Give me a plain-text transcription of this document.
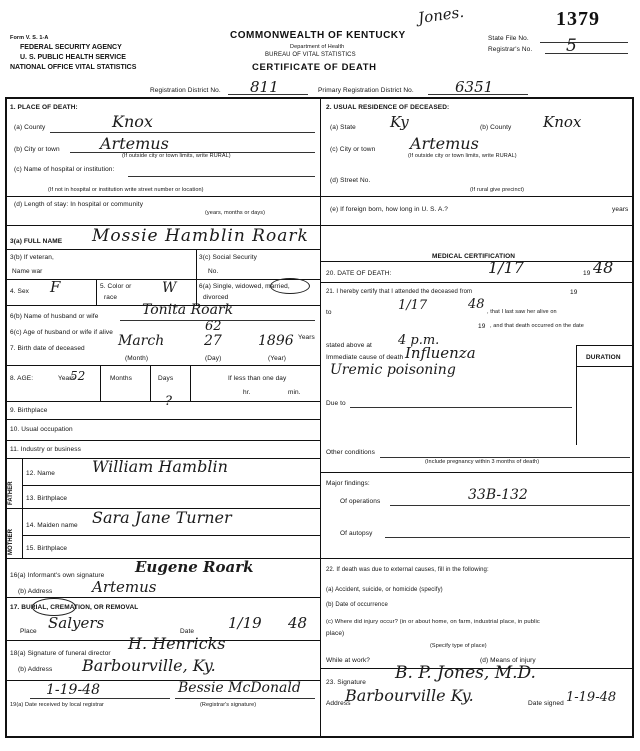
Form V. S. 1-A
FEDERAL SECURITY AGENCY
U. S. PUBLIC HEALTH SERVICE
NATIONAL OFFICE VITAL STATISTICS
COMMONWEALTH OF KENTUCKY
Department of Health
BUREAU OF VITAL STATISTICS
CERTIFICATE OF DEATH
Jones.	1379
State File No.
Registrar's No. 5
Registration District No. 811	Primary Registration District No.	6351
1. PLACE OF DEATH:
(a) County	Knox
(b) City or town	Artemus
(If outside city or town limits, write RURAL)
(c) Name of hospital or institution:
(If not in hospital or institution write street number or location)
(d) Length of stay: In hospital or community
(years, months or days)
3(a) FULL NAME Mossie Hamblin Roark
3(b) If veteran,
Name war
3(c) Social Security
No.
4. Sex F	5. Color or
race
W	6(a) Single, widowed, married,
divorced
6(b) Name of husband or wife	Tonita Roark
6(c) Age of husband or wife if alive	62
Years
7. Birth date of deceased March	27	1896
(Month)	(Day)	(Year)
8. AGE:	Years
52	Months	Days	If less than one day
hr.	min.
9. Birthplace
?
10. Usual occupation
11. Industry or business
FATHER
MOTHER
12. Name William Hamblin
13. Birthplace
14. Maiden name Sara Jane Turner
15. Birthplace
16(a) Informant's own signature Eugene Roark
(b) Address	Artemus
17. BURIAL, CREMATION, OR REMOVAL
Place Salyers	Date 1/19 48
18(a) Signature of funeral director
H. Henricks
(b) Address Barbourville, Ky.
1-19-48	Bessie McDonald
19(a) Date received by local registrar	(Registrar's signature)
2. USUAL RESIDENCE OF DECEASED:
(a) State Ky	(b) County Knox
(c) City or town Artemus
(If outside city or town limits, write RURAL)
(d) Street No.
(If rural give precinct)
(e) If foreign born, how long in U. S. A.?	years
MEDICAL CERTIFICATION
20. DATE OF DEATH:	1/17	19 48
21. I hereby certify that I attended the deceased from	19
to	1/17	48 , that I last saw her alive on
19 , and that death occurred on the date
stated above at 4 p.m.
Immediate cause of death Influenza
Uremic poisoning
DURATION
Due to
Other conditions
(Include pregnancy within 3 months of death)
Major findings:
Of operations	33B-132
Of autopsy
22. If death was due to external causes, fill in the following:
(a) Accident, suicide, or homicide (specify)
(b) Date of occurrence
(c) Where did injury occur? (in or about home, on farm, industrial place, in public
place)
(Specify type of place)
While at work?	(d) Means of injury
23. Signature B. P. Jones, M.D.
Address
Barbourville Ky.	Date signed 1-19-48
